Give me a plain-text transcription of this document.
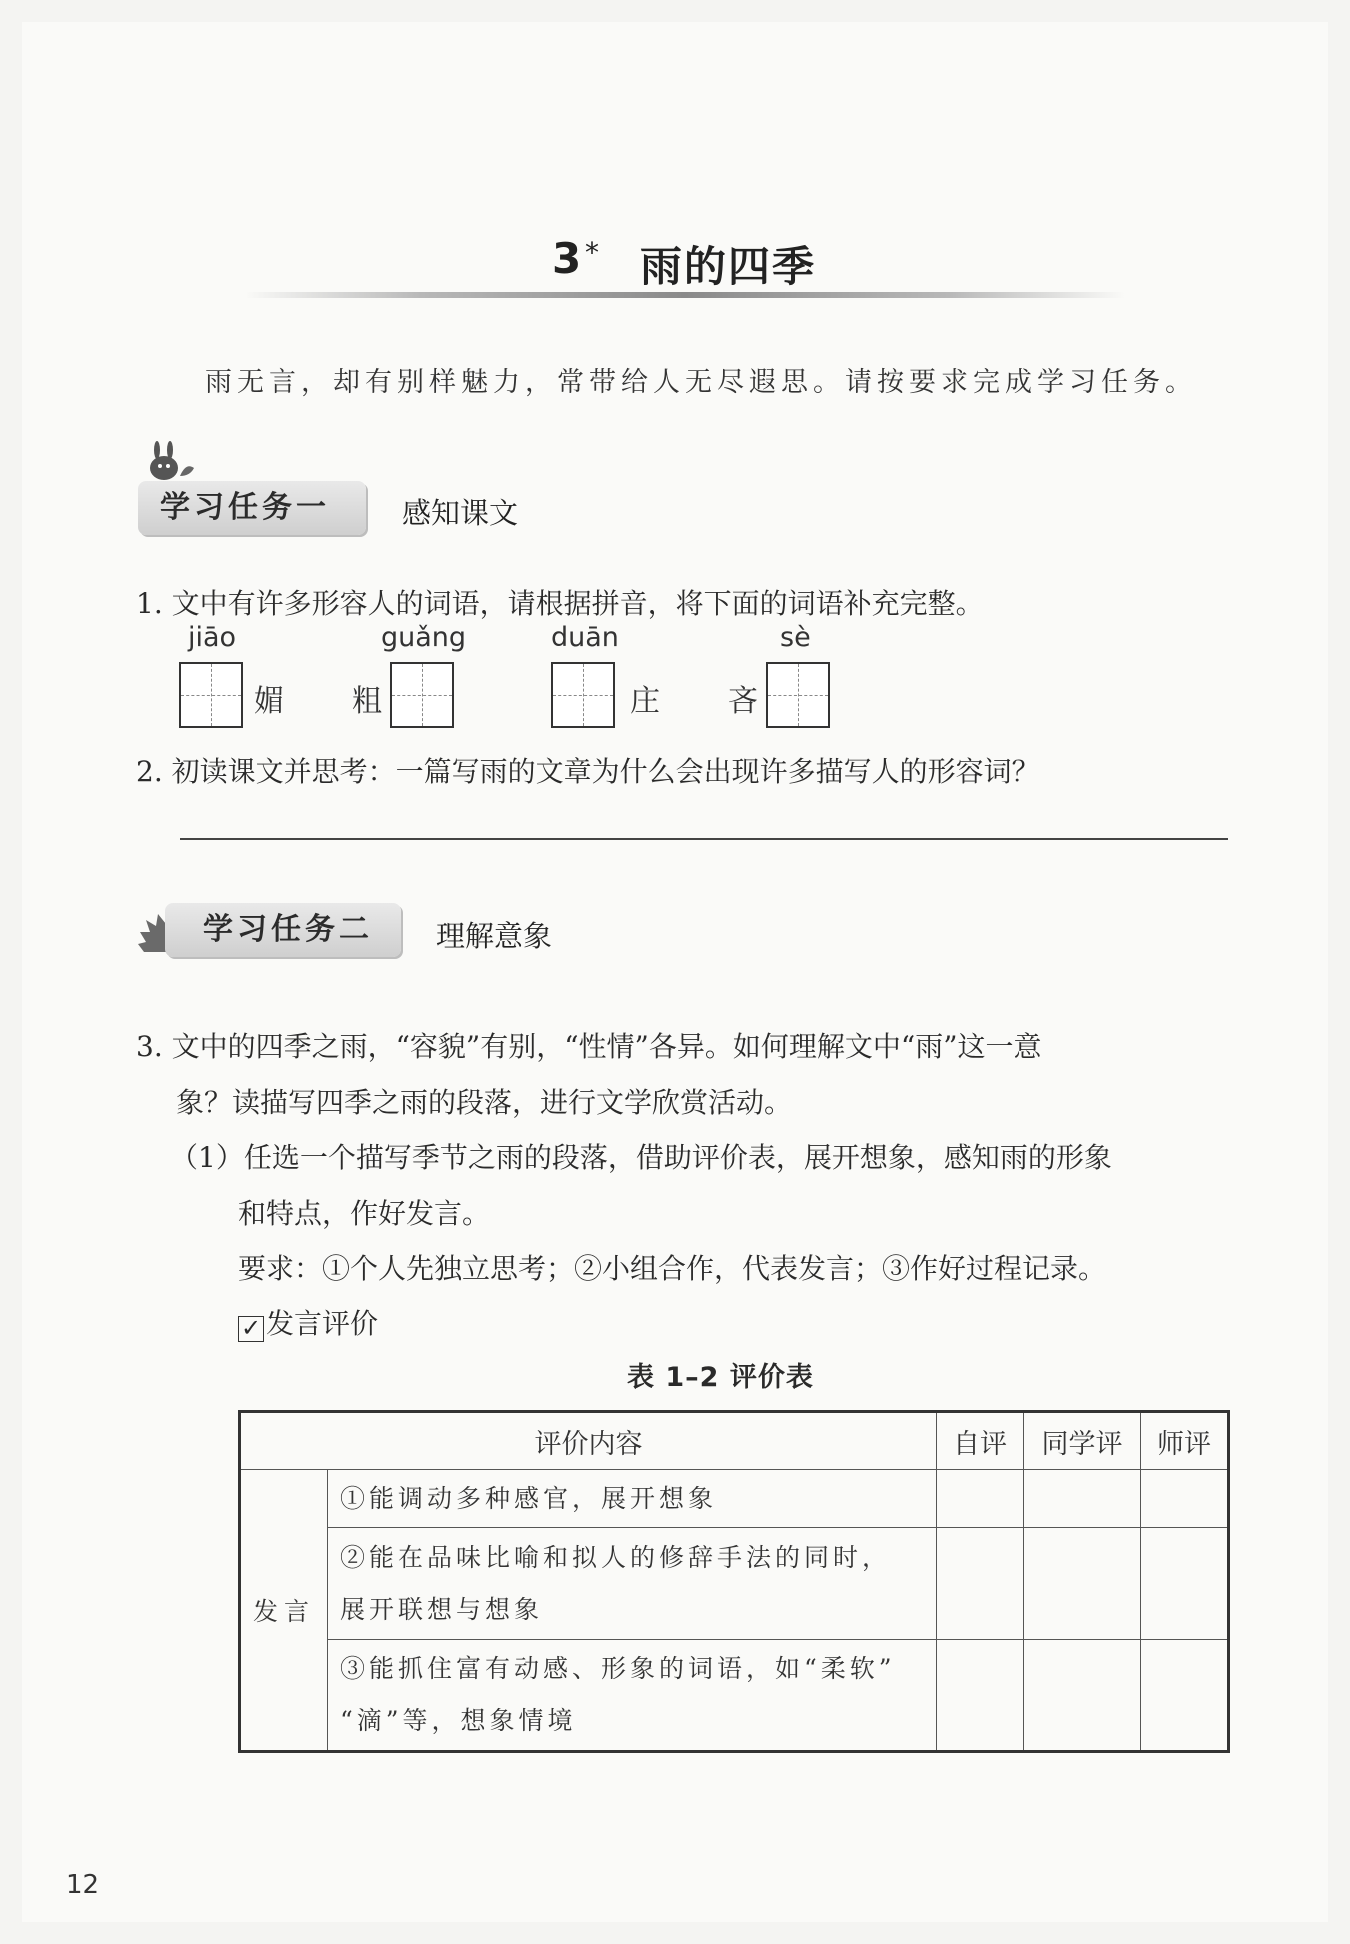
3 * 雨的四季
雨无言，却有别样魅力，常带给人无尽遐思。请按要求完成学习任务。
学习任务一	感知课文
1. 文中有许多形容人的词语，请根据拼音，将下面的词语补充完整。
jiāo	guǎng	duān	sè
媚 粗	庄 吝
2. 初读课文并思考：一篇写雨的文章为什么会出现许多描写人的形容词？
学习任务二	理解意象
3. 文中的四季之雨，“容貌”有别，“性情”各异。如何理解文中“雨”这一意
象？读描写四季之雨的段落，进行文学欣赏活动。
（1）任选一个描写季节之雨的段落，借助评价表，展开想象，感知雨的形象
和特点，作好发言。
要求：①个人先独立思考；②小组合作，代表发言；③作好过程记录。
✓ 发言评价
表 1–2 评价表
评价内容		自评	同学评	师评
发言	①能调动多种感官，展开想象			

	②能在品味比喻和拟人的修辞手法的同时，
展开联想与想象			

	③能抓住富有动感、形象的词语，如“柔软”
“滴”等，想象情境			

12
